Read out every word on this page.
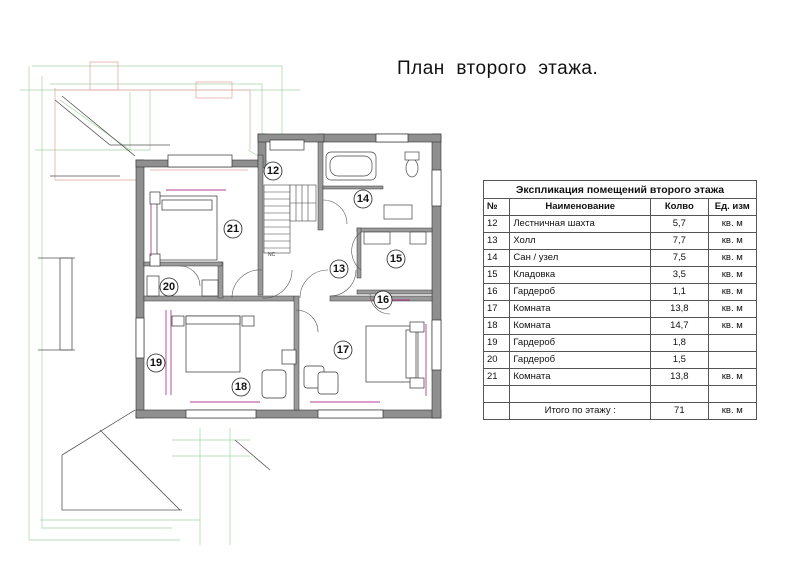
NC
12
13
14
15
16
17
18
19
20
21
План  второго  этажа.
Экспликация помещений второго этажа			
№	Наименование	Колво	Ед. изм
12	Лестничная шахта	5,7	кв. м
13	Холл	7,7	кв. м
14	Сан / узел	7,5	кв. м
15	Кладовка	3,5	кв. м
16	Гардероб	1,1	кв. м
17	Комната	13,8	кв. м
18	Комната	14,7	кв. м
19	Гардероб	1,8	
20	Гардероб	1,5	
21	Комната	13,8	кв. м

	Итого по этажу :	71	кв. м
